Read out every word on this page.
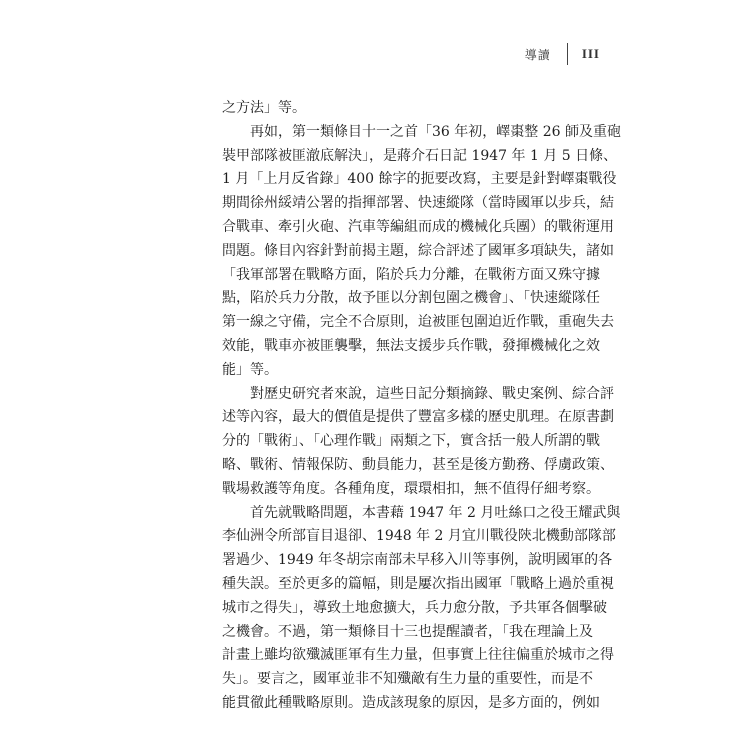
導讀 III
之方法」等。
再如，第一類條目十一之首「36 年初，嶧棗整 26 師及重砲
裝甲部隊被匪澈底解決」，是蔣介石日記 1947 年 1 月 5 日條、
1 月「上月反省錄」400 餘字的扼要改寫，主要是針對嶧棗戰役
期間徐州綏靖公署的指揮部署、快速縱隊（當時國軍以步兵，結
合戰車、牽引火砲、汽車等編組而成的機械化兵團）的戰術運用
問題。條目內容針對前揭主題，綜合評述了國軍多項缺失，諸如
「我軍部署在戰略方面，陷於兵力分離，在戰術方面又殊守據
點，陷於兵力分散，故予匪以分割包圍之機會」、「快速縱隊任
第一線之守備，完全不合原則，迨被匪包圍迫近作戰，重砲失去
效能，戰車亦被匪襲擊，無法支援步兵作戰，發揮機械化之效
能」等。
對歷史研究者來說，這些日記分類摘錄、戰史案例、綜合評
述等內容，最大的價值是提供了豐富多樣的歷史肌理。在原書劃
分的「戰術」、「心理作戰」兩類之下，實含括一般人所謂的戰
略、戰術、情報保防、動員能力，甚至是後方勤務、俘虜政策、
戰場救護等角度。各種角度，環環相扣，無不值得仔細考察。
首先就戰略問題，本書藉 1947 年 2 月吐絲口之役王耀武與
李仙洲令所部盲目退卻、1948 年 2 月宜川戰役陝北機動部隊部
署過少、1949 年冬胡宗南部未早移入川等事例，說明國軍的各
種失誤。至於更多的篇幅，則是屢次指出國軍「戰略上過於重視
城市之得失」，導致土地愈擴大，兵力愈分散，予共軍各個擊破
之機會。不過，第一類條目十三也提醒讀者，「我在理論上及
計畫上雖均欲殲滅匪軍有生力量，但事實上往往偏重於城市之得
失」。要言之，國軍並非不知殲敵有生力量的重要性，而是不
能貫徹此種戰略原則。造成該現象的原因，是多方面的，例如
